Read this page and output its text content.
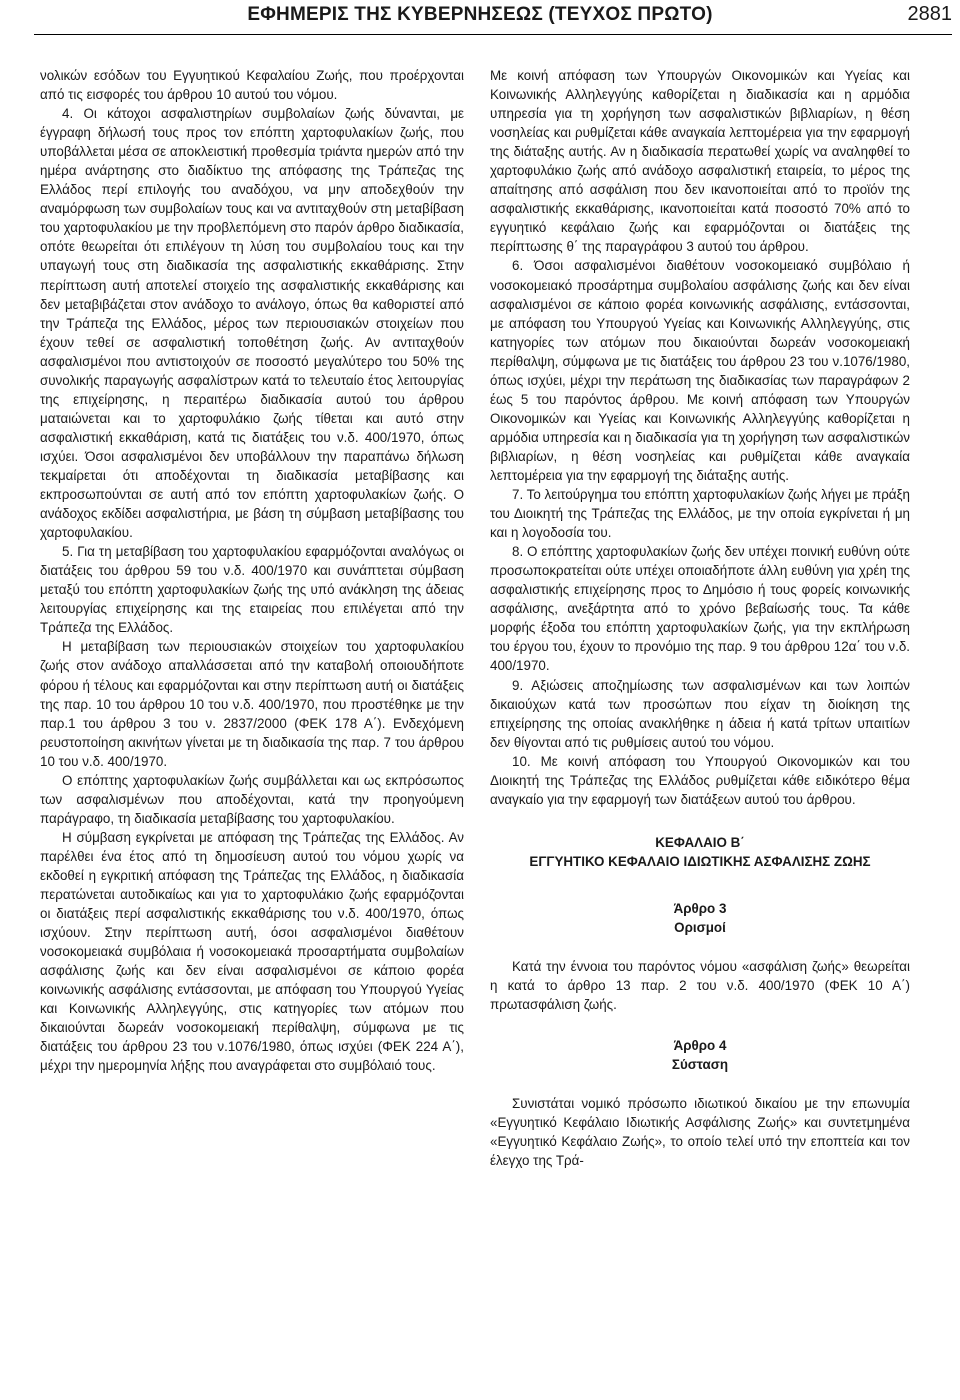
ΕΦΗΜΕΡΙΣ ΤΗΣ ΚΥΒΕΡΝΗΣΕΩΣ (ΤΕΥΧΟΣ ΠΡΩΤΟ)	2881

νολικών εσόδων του Εγγυητικού Κεφαλαίου Ζωής, που προέρχονται από τις εισφορές του άρθρου 10 αυτού του νόμου.

4. Οι κάτοχοι ασφαλιστηρίων συμβολαίων ζωής δύνανται, με έγγραφη δήλωσή τους προς τον επόπτη χαρτοφυλακίων ζωής, που υποβάλλεται μέσα σε αποκλειστική προθεσμία τριάντα ημερών από την ημέρα ανάρτησης στο διαδίκτυο της απόφασης της Τράπεζας της Ελλάδος περί επιλογής του αναδόχου, να μην αποδεχθούν την αναμόρφωση των συμβολαίων τους και να αντιταχθούν στη μεταβίβαση του χαρτοφυλακίου με την προβλεπόμενη στο παρόν άρθρο διαδικασία, οπότε θεωρείται ότι επιλέγουν τη λύση του συμβολαίου τους και την υπαγωγή τους στη διαδικασία της ασφαλιστικής εκκαθάρισης. Στην περίπτωση αυτή αποτελεί στοιχείο της ασφαλιστικής εκκαθάρισης και δεν μεταβιβάζεται στον ανάδοχο το ανάλογο, όπως θα καθοριστεί από την Τράπεζα της Ελλάδος, μέρος των περιουσιακών στοιχείων που έχουν τεθεί σε ασφαλιστική τοποθέτηση ζωής. Αν αντιταχθούν ασφαλισμένοι που αντιστοιχούν σε ποσοστό μεγαλύτερο του 50% της συνολικής παραγωγής ασφαλίστρων κατά το τελευταίο έτος λειτουργίας της επιχείρησης, η περαιτέρω διαδικασία αυτού του άρθρου ματαιώνεται και το χαρτοφυλάκιο ζωής τίθεται και αυτό στην ασφαλιστική εκκαθάριση, κατά τις διατάξεις του ν.δ. 400/1970, όπως ισχύει. Όσοι ασφαλισμένοι δεν υποβάλλουν την παραπάνω δήλωση τεκμαίρεται ότι αποδέχονται τη διαδικασία μεταβίβασης και εκπροσωπούνται σε αυτή από τον επόπτη χαρτοφυλακίων ζωής. Ο ανάδοχος εκδίδει ασφαλιστήρια, με βάση τη σύμβαση μεταβίβασης του χαρτοφυλακίου.

5. Για τη μεταβίβαση του χαρτοφυλακίου εφαρμόζονται αναλόγως οι διατάξεις του άρθρου 59 του ν.δ. 400/1970 και συνάπτεται σύμβαση μεταξύ του επόπτη χαρτοφυλακίων ζωής της υπό ανάκληση της άδειας λειτουργίας επιχείρησης και της εταιρείας που επιλέγεται από την Τράπεζα της Ελλάδος.

Η μεταβίβαση των περιουσιακών στοιχείων του χαρτοφυλακίου ζωής στον ανάδοχο απαλλάσσεται από την καταβολή οποιουδήποτε φόρου ή τέλους και εφαρμόζονται και στην περίπτωση αυτή οι διατάξεις της παρ. 10 του άρθρου 10 του ν.δ. 400/1970, που προστέθηκε με την παρ.1 του άρθρου 3 του ν. 2837/2000 (ΦΕΚ 178 Α΄). Ενδεχόμενη ρευστοποίηση ακινήτων γίνεται με τη διαδικασία της παρ. 7 του άρθρου 10 του ν.δ. 400/1970.

Ο επόπτης χαρτοφυλακίων ζωής συμβάλλεται και ως εκπρόσωπος των ασφαλισμένων που αποδέχονται, κατά την προηγούμενη παράγραφο, τη διαδικασία μεταβίβασης του χαρτοφυλακίου.

Η σύμβαση εγκρίνεται με απόφαση της Τράπεζας της Ελλάδος. Αν παρέλθει ένα έτος από τη δημοσίευση αυτού του νόμου χωρίς να εκδοθεί η εγκριτική απόφαση της Τράπεζας της Ελλάδος, η διαδικασία περατώνεται αυτοδικαίως και για το χαρτοφυλάκιο ζωής εφαρμόζονται οι διατάξεις περί ασφαλιστικής εκκαθάρισης του ν.δ. 400/1970, όπως ισχύουν. Στην περίπτωση αυτή, όσοι ασφαλισμένοι διαθέτουν νοσοκομειακά συμβόλαια ή νοσοκομειακά προσαρτήματα συμβολαίων ασφάλισης ζωής και δεν είναι ασφαλισμένοι σε κάποιο φορέα κοινωνικής ασφάλισης εντάσσονται, με απόφαση του Υπουργού Υγείας και Κοινωνικής Αλληλεγγύης, στις κατηγορίες των ατόμων που δικαιούνται δωρεάν νοσοκομειακή περίθαλψη, σύμφωνα με τις διατάξεις του άρθρου 23 του ν.1076/1980, όπως ισχύει (ΦΕΚ 224 Α΄), μέχρι την ημερομηνία λήξης που αναγράφεται στο συμβόλαιό τους.

Με κοινή απόφαση των Υπουργών Οικονομικών και Υγείας και Κοινωνικής Αλληλεγγύης καθορίζεται η διαδικασία και η αρμόδια υπηρεσία για τη χορήγηση των ασφαλιστικών βιβλιαρίων, η θέση νοσηλείας και ρυθμίζεται κάθε αναγκαία λεπτομέρεια για την εφαρμογή της διάταξης αυτής. Αν η διαδικασία περατωθεί χωρίς να αναληφθεί το χαρτοφυλάκιο ζωής από ανάδοχο ασφαλιστική εταιρεία, το μέρος της απαίτησης από ασφάλιση που δεν ικανοποιείται από το προϊόν της ασφαλιστικής εκκαθάρισης, ικανοποιείται κατά ποσοστό 70% από το εγγυητικό κεφάλαιο ζωής και εφαρμόζονται οι διατάξεις της περίπτωσης θ΄ της παραγράφου 3 αυτού του άρθρου.

6. Όσοι ασφαλισμένοι διαθέτουν νοσοκομειακό συμβόλαιο ή νοσοκομειακό προσάρτημα συμβολαίου ασφάλισης ζωής και δεν είναι ασφαλισμένοι σε κάποιο φορέα κοινωνικής ασφάλισης, εντάσσονται, με απόφαση του Υπουργού Υγείας και Κοινωνικής Αλληλεγγύης, στις κατηγορίες των ατόμων που δικαιούνται δωρεάν νοσοκομειακή περίθαλψη, σύμφωνα με τις διατάξεις του άρθρου 23 του ν.1076/1980, όπως ισχύει, μέχρι την περάτωση της διαδικασίας των παραγράφων 2 έως 5 του παρόντος άρθρου. Με κοινή απόφαση των Υπουργών Οικονομικών και Υγείας και Κοινωνικής Αλληλεγγύης καθορίζεται η αρμόδια υπηρεσία και η διαδικασία για τη χορήγηση των ασφαλιστικών βιβλιαρίων, η θέση νοσηλείας και ρυθμίζεται κάθε αναγκαία λεπτομέρεια για την εφαρμογή της διάταξης αυτής.

7. Το λειτούργημα του επόπτη χαρτοφυλακίων ζωής λήγει με πράξη του Διοικητή της Τράπεζας της Ελλάδος, με την οποία εγκρίνεται ή μη και η λογοδοσία του.

8. Ο επόπτης χαρτοφυλακίων ζωής δεν υπέχει ποινική ευθύνη ούτε προσωποκρατείται ούτε υπέχει οποιαδήποτε άλλη ευθύνη για χρέη της ασφαλιστικής επιχείρησης προς το Δημόσιο ή τους φορείς κοινωνικής ασφάλισης, ανεξάρτητα από το χρόνο βεβαίωσής τους. Τα κάθε μορφής έξοδα του επόπτη χαρτοφυλακίων ζωής, για την εκπλήρωση του έργου του, έχουν το προνόμιο της παρ. 9 του άρθρου 12α΄ του ν.δ. 400/1970.

9. Αξιώσεις αποζημίωσης των ασφαλισμένων και των λοιπών δικαιούχων κατά των προσώπων που είχαν τη διοίκηση της επιχείρησης της οποίας ανακλήθηκε η άδεια ή κατά τρίτων υπαιτίων δεν θίγονται από τις ρυθμίσεις αυτού του νόμου.

10. Με κοινή απόφαση του Υπουργού Οικονομικών και του Διοικητή της Τράπεζας της Ελλάδος ρυθμίζεται κάθε ειδικότερο θέμα αναγκαίο για την εφαρμογή των διατάξεων αυτού του άρθρου.

ΚΕΦΑΛΑΙΟ Β΄
ΕΓΓΥΗΤΙΚΟ ΚΕΦΑΛΑΙΟ ΙΔΙΩΤΙΚΗΣ ΑΣΦΑΛΙΣΗΣ ΖΩΗΣ
Άρθρο 3
Ορισμοί

Κατά την έννοια του παρόντος νόμου «ασφάλιση ζωής» θεωρείται η κατά το άρθρο 13 παρ. 2 του ν.δ. 400/1970 (ΦΕΚ 10 Α΄) πρωτασφάλιση ζωής.

Άρθρο 4
Σύσταση

Συνιστάται νομικό πρόσωπο ιδιωτικού δικαίου με την επωνυμία «Εγγυητικό Κεφάλαιο Ιδιωτικής Ασφάλισης Ζωής» και συντετμημένα «Εγγυητικό Κεφάλαιο Ζωής», το οποίο τελεί υπό την εποπτεία και τον έλεγχο της Τρά-
